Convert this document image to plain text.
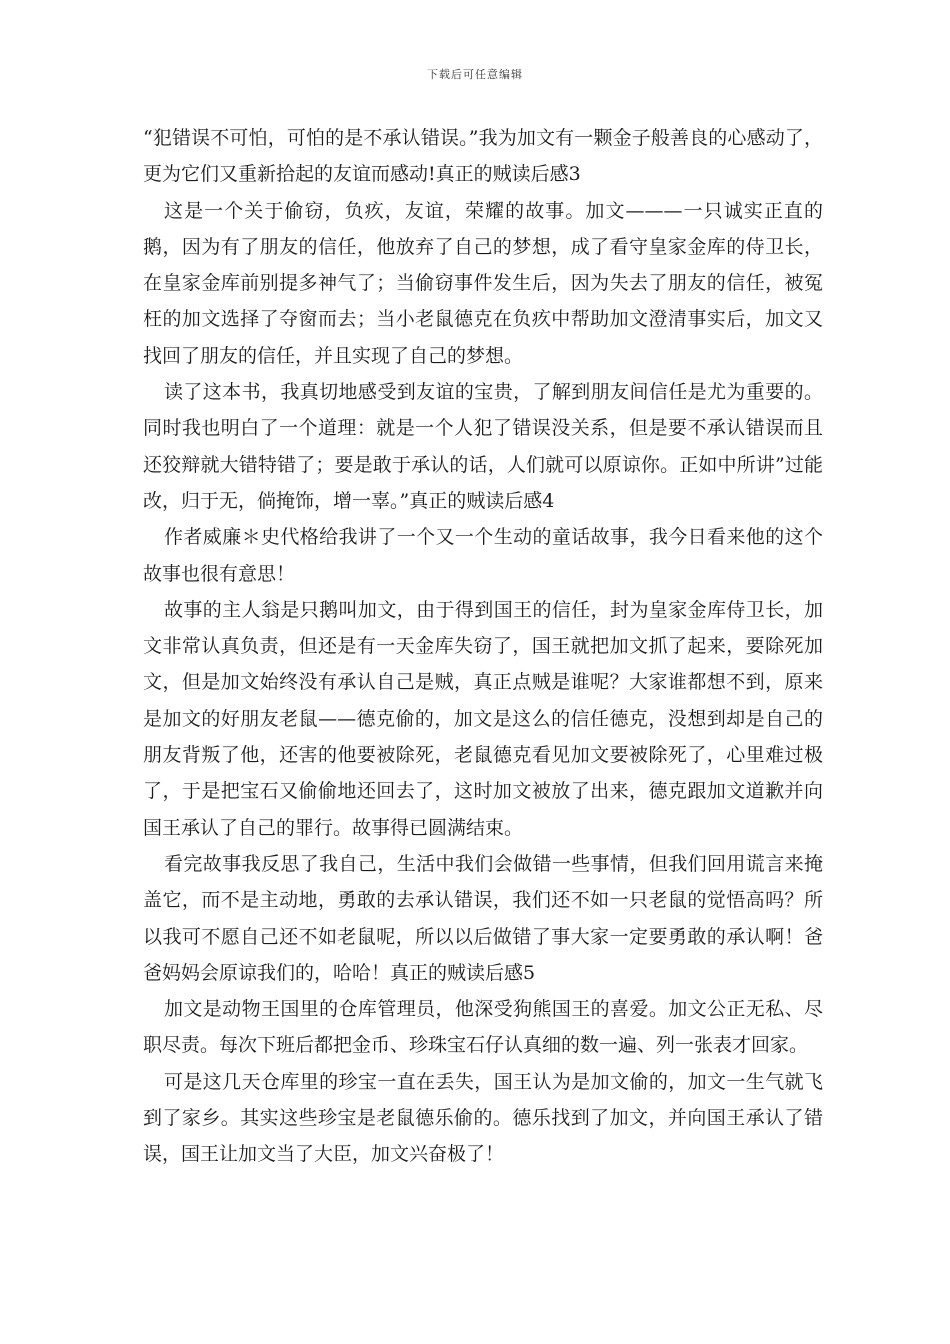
下载后可任意编辑

“犯错误不可怕，可怕的是不承认错误。”我为加文有一颗金子般善良的心感动了，更为它们又重新拾起的友谊而感动!真正的贼读后感3

这是一个关于偷窃，负疚，友谊，荣耀的故事。加文———一只诚实正直的鹅，因为有了朋友的信任，他放弃了自己的梦想，成了看守皇家金库的侍卫长，在皇家金库前别提多神气了；当偷窃事件发生后，因为失去了朋友的信任，被冤枉的加文选择了夺窗而去；当小老鼠德克在负疚中帮助加文澄清事实后，加文又找回了朋友的信任，并且实现了自己的梦想。

读了这本书，我真切地感受到友谊的宝贵，了解到朋友间信任是尤为重要的。同时我也明白了一个道理：就是一个人犯了错误没关系，但是要不承认错误而且还狡辩就大错特错了；要是敢于承认的话，人们就可以原谅你。正如中所讲”过能改，归于无，倘掩饰，增一辜。”真正的贼读后感4

作者威廉＊史代格给我讲了一个又一个生动的童话故事，我今日看来他的这个故事也很有意思！

故事的主人翁是只鹅叫加文，由于得到国王的信任，封为皇家金库侍卫长，加文非常认真负责，但还是有一天金库失窃了，国王就把加文抓了起来，要除死加文，但是加文始终没有承认自己是贼，真正点贼是谁呢？大家谁都想不到，原来是加文的好朋友老鼠——德克偷的，加文是这么的信任德克，没想到却是自己的朋友背叛了他，还害的他要被除死，老鼠德克看见加文要被除死了，心里难过极了，于是把宝石又偷偷地还回去了，这时加文被放了出来，德克跟加文道歉并向国王承认了自己的罪行。故事得已圆满结束。

看完故事我反思了我自己，生活中我们会做错一些事情，但我们回用谎言来掩盖它，而不是主动地，勇敢的去承认错误，我们还不如一只老鼠的觉悟高吗？所以我可不愿自己还不如老鼠呢，所以以后做错了事大家一定要勇敢的承认啊！爸爸妈妈会原谅我们的，哈哈！真正的贼读后感5

加文是动物王国里的仓库管理员，他深受狗熊国王的喜爱。加文公正无私、尽职尽责。每次下班后都把金币、珍珠宝石仔认真细的数一遍、列一张表才回家。

可是这几天仓库里的珍宝一直在丢失，国王认为是加文偷的，加文一生气就飞到了家乡。其实这些珍宝是老鼠德乐偷的。德乐找到了加文，并向国王承认了错误，国王让加文当了大臣，加文兴奋极了！
